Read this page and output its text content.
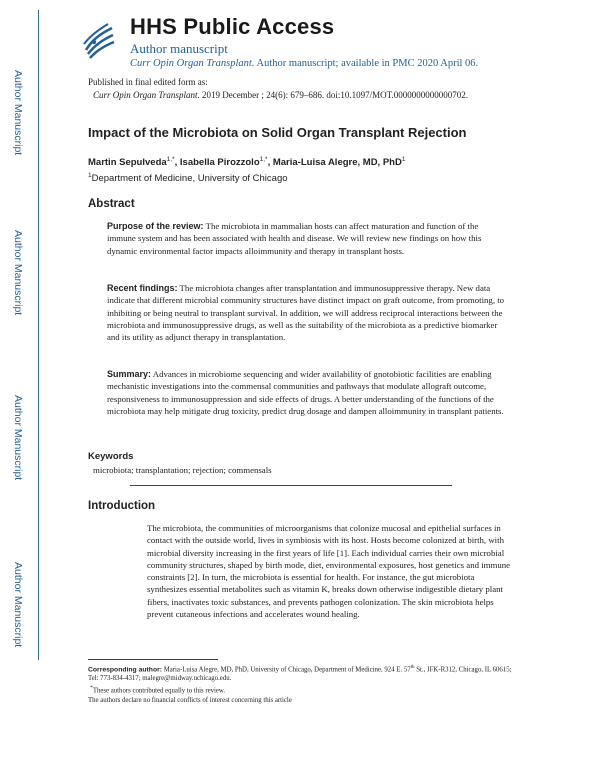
Author Manuscript
Author Manuscript
Author Manuscript
Author Manuscript
HHS Public Access
Author manuscript
Curr Opin Organ Transplant. Author manuscript; available in PMC 2020 April 06.
Published in final edited form as:
Curr Opin Organ Transplant. 2019 December ; 24(6): 679–686. doi:10.1097/MOT.0000000000000702.
Impact of the Microbiota on Solid Organ Transplant Rejection
Martin Sepulveda$^{1,*}$, Isabella Pirozzolo$^{1,*}$, Maria-Luisa Alegre, MD, PhD$^1$
$^1$Department of Medicine, University of Chicago
Abstract

Purpose of the review: The microbiota in mammalian hosts can affect maturation and function of the immune system and has been associated with health and disease. We will review new findings on how this dynamic environmental factor impacts alloimmunity and therapy in transplant hosts.

Recent findings: The microbiota changes after transplantation and immunosuppressive therapy. New data indicate that different microbial community structures have distinct impact on graft outcome, from promoting, to inhibiting or being neutral to transplant survival. In addition, we will address reciprocal interactions between the microbiota and immunosuppressive drugs, as well as the suitability of the microbiota as a predictive biomarker and its utility as adjunct therapy in transplantation.

Summary: Advances in microbiome sequencing and wider availability of gnotobiotic facilities are enabling mechanistic investigations into the commensal communities and pathways that modulate allograft outcome, responsiveness to immunosuppression and side effects of drugs. A better understanding of the functions of the microbiota may help mitigate drug toxicity, predict drug dosage and dampen alloimmunity in transplant patients.

Keywords
microbiota; transplantation; rejection; commensals
Introduction

The microbiota, the communities of microorganisms that colonize mucosal and epithelial surfaces in contact with the outside world, lives in symbiosis with its host. Hosts become colonized at birth, with microbial diversity increasing in the first years of life [1]. Each individual carries their own microbial community structures, shaped by birth mode, diet, environmental exposures, host genetics and immune constraints [2]. In turn, the microbiota is essential for health. For instance, the gut microbiota synthesizes essential metabolites such as vitamin K, breaks down otherwise indigestible dietary plant fibers, inactivates toxic substances, and prevents pathogen colonization. The skin microbiota helps prevent cutaneous infections and accelerates wound healing.

Corresponding author: Maria-Luisa Alegre, MD, PhD, University of Chicago, Department of Medicine, 924 E. 57th St., JFK-R312, Chicago, IL 60615; Tel: 773-834-4317; malegre@midway.uchicago.edu.
*These authors contributed equally to this review.
The authors declare no financial conflicts of interest concerning this article
